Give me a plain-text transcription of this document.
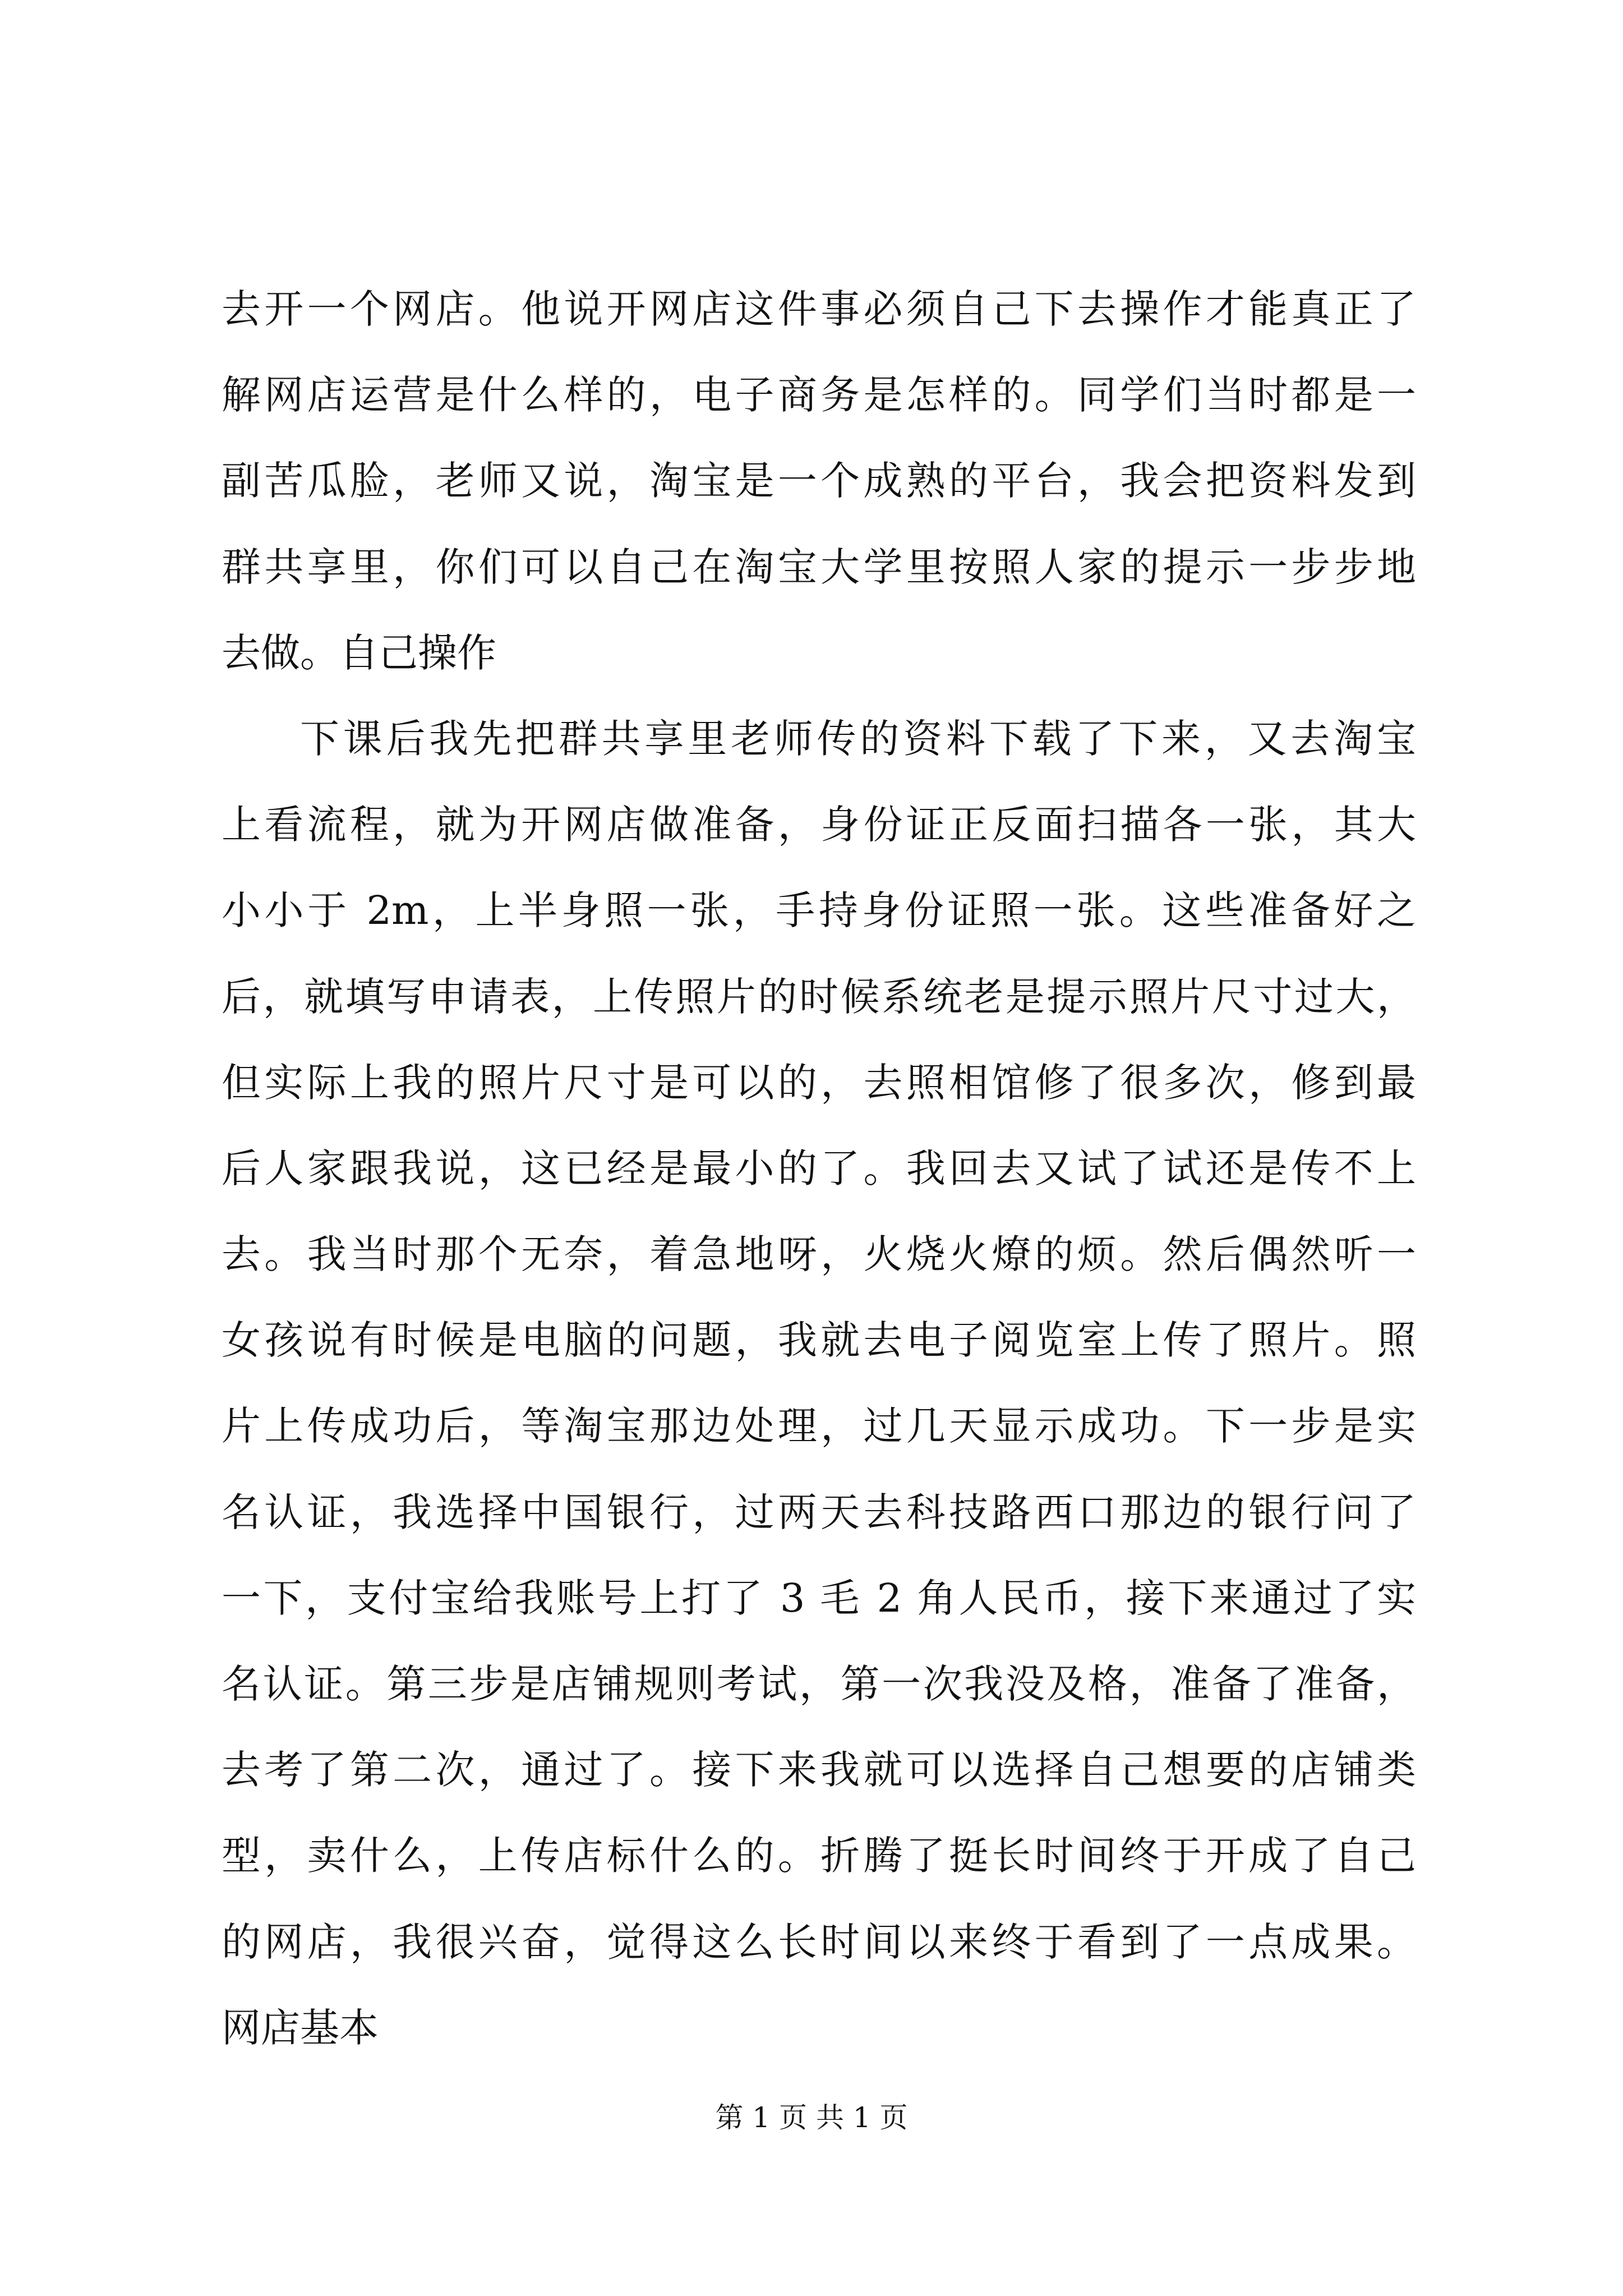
去开一个网店。他说开网店这件事必须自己下去操作才能真正了
解网店运营是什么样的，电子商务是怎样的。同学们当时都是一
副苦瓜脸，老师又说，淘宝是一个成熟的平台，我会把资料发到
群共享里，你们可以自己在淘宝大学里按照人家的提示一步步地
去做。自己操作
下课后我先把群共享里老师传的资料下载了下来，又去淘宝
上看流程，就为开网店做准备，身份证正反面扫描各一张，其大
小小于 2m，上半身照一张，手持身份证照一张。这些准备好之
后，就填写申请表，上传照片的时候系统老是提示照片尺寸过大，
但实际上我的照片尺寸是可以的，去照相馆修了很多次，修到最
后人家跟我说，这已经是最小的了。我回去又试了试还是传不上
去。我当时那个无奈，着急地呀，火烧火燎的烦。然后偶然听一
女孩说有时候是电脑的问题，我就去电子阅览室上传了照片。照
片上传成功后，等淘宝那边处理，过几天显示成功。下一步是实
名认证，我选择中国银行，过两天去科技路西口那边的银行问了
一下，支付宝给我账号上打了 3 毛 2 角人民币，接下来通过了实
名认证。第三步是店铺规则考试，第一次我没及格，准备了准备，
去考了第二次，通过了。接下来我就可以选择自己想要的店铺类
型，卖什么，上传店标什么的。折腾了挺长时间终于开成了自己
的网店，我很兴奋，觉得这么长时间以来终于看到了一点成果。
网店基本
第 1 页 共 1 页
